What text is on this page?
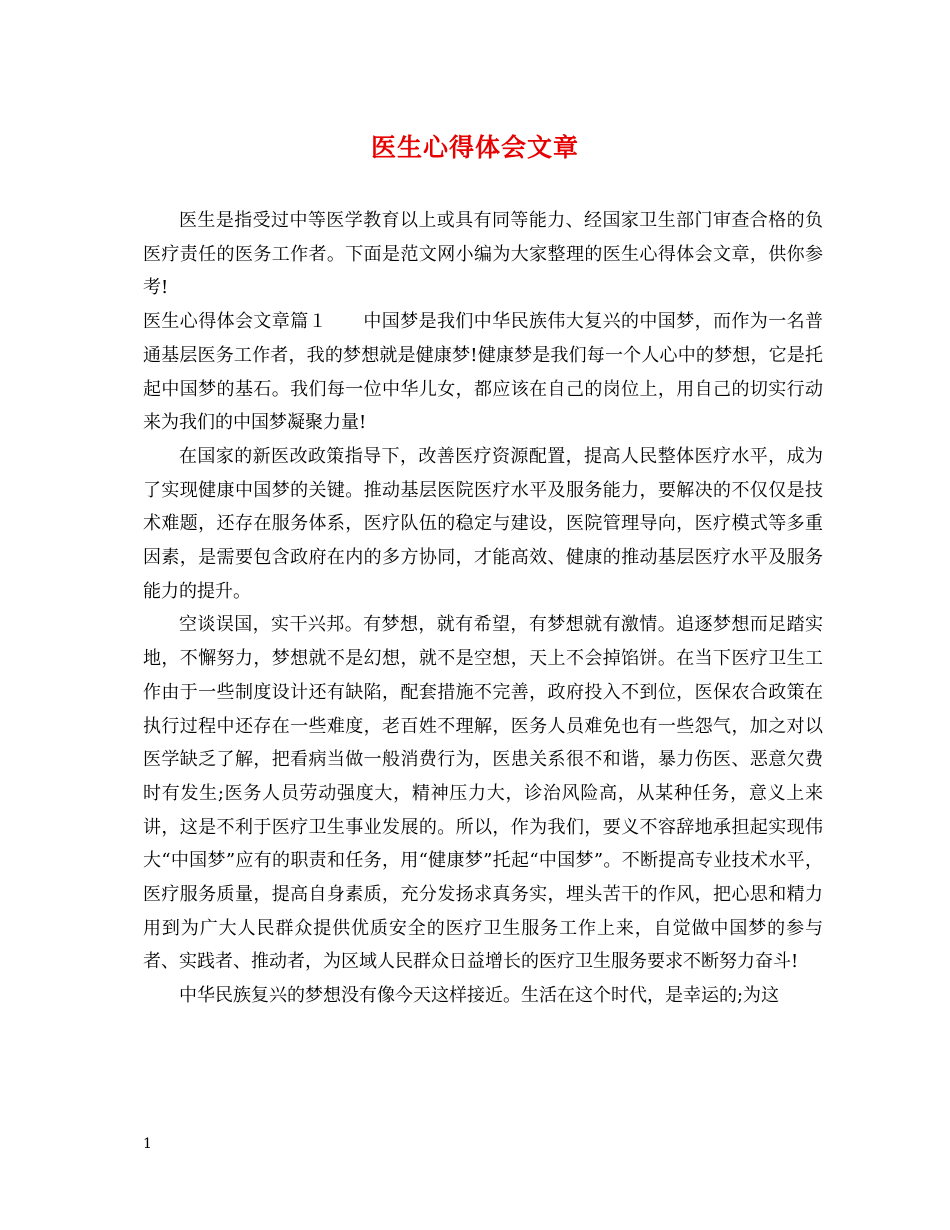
医生心得体会文章

医生是指受过中等医学教育以上或具有同等能力、经国家卫生部门审查合格的负医疗责任的医务工作者。下面是范文网小编为大家整理的医生心得体会文章，供你参考!

医生心得体会文章篇１ 中国梦是我们中华民族伟大复兴的中国梦，而作为一名普通基层医务工作者，我的梦想就是健康梦!健康梦是我们每一个人心中的梦想，它是托起中国梦的基石。我们每一位中华儿女，都应该在自己的岗位上，用自己的切实行动来为我们的中国梦凝聚力量!

在国家的新医改政策指导下，改善医疗资源配置，提高人民整体医疗水平，成为了实现健康中国梦的关键。推动基层医院医疗水平及服务能力，要解决的不仅仅是技术难题，还存在服务体系，医疗队伍的稳定与建设，医院管理导向，医疗模式等多重因素，是需要包含政府在内的多方协同，才能高效、健康的推动基层医疗水平及服务能力的提升。

空谈误国，实干兴邦。有梦想，就有希望，有梦想就有激情。追逐梦想而足踏实地，不懈努力，梦想就不是幻想，就不是空想，天上不会掉馅饼。在当下医疗卫生工作由于一些制度设计还有缺陷，配套措施不完善，政府投入不到位，医保农合政策在执行过程中还存在一些难度，老百姓不理解，医务人员难免也有一些怨气，加之对以医学缺乏了解，把看病当做一般消费行为，医患关系很不和谐，暴力伤医、恶意欠费时有发生;医务人员劳动强度大，精神压力大，诊治风险高，从某种任务，意义上来讲，这是不利于医疗卫生事业发展的。所以，作为我们，要义不容辞地承担起实现伟大“中国梦”应有的职责和任务，用“健康梦”托起“中国梦”。不断提高专业技术水平，医疗服务质量，提高自身素质，充分发扬求真务实，埋头苦干的作风，把心思和精力用到为广大人民群众提供优质安全的医疗卫生服务工作上来，自觉做中国梦的参与者、实践者、推动者，为区域人民群众日益增长的医疗卫生服务要求不断努力奋斗!

中华民族复兴的梦想没有像今天这样接近。生活在这个时代，是幸运的;为这

1
